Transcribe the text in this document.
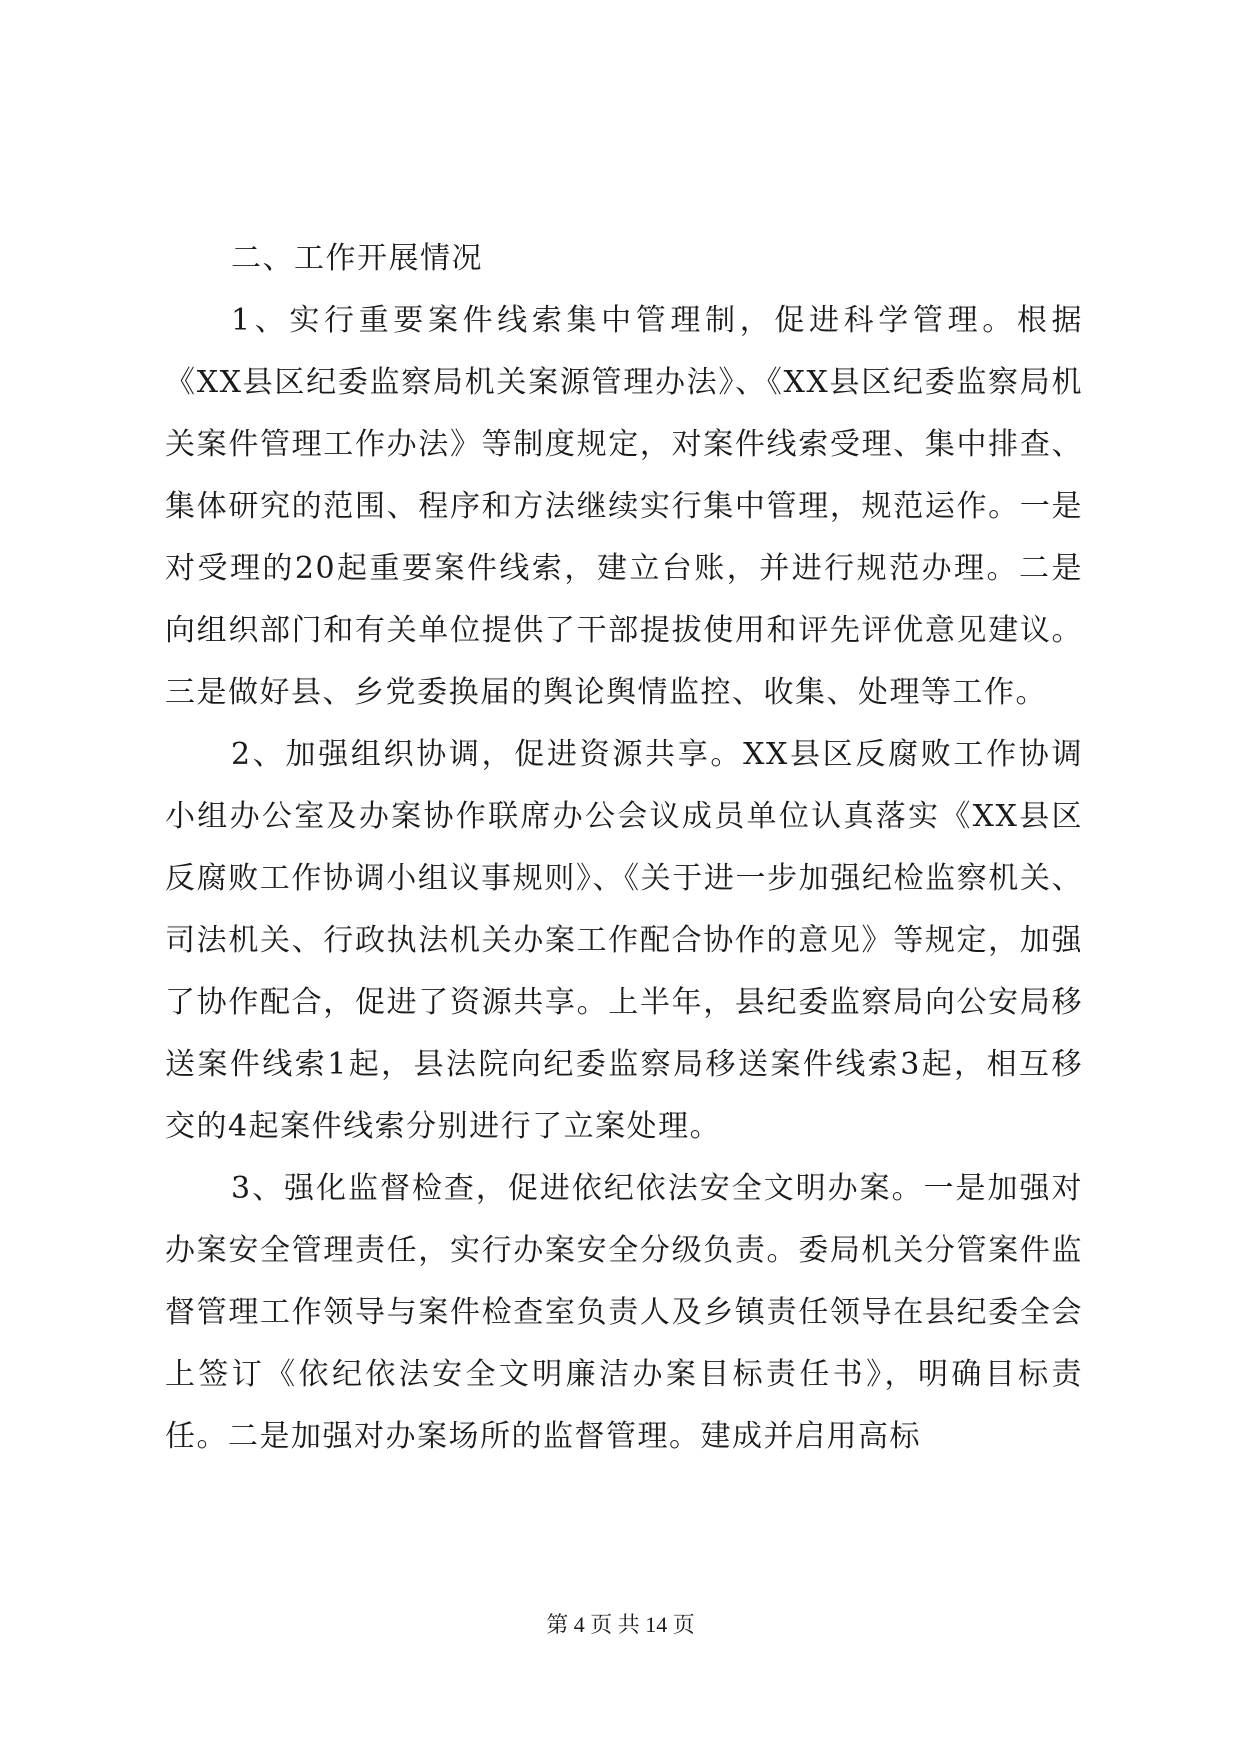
二、工作开展情况

1、实行重要案件线索集中管理制，促进科学管理。根据《XX县区纪委监察局机关案源管理办法》、《XX县区纪委监察局机关案件管理工作办法》等制度规定，对案件线索受理、集中排查、集体研究的范围、程序和方法继续实行集中管理，规范运作。一是对受理的20起重要案件线索，建立台账，并进行规范办理。二是向组织部门和有关单位提供了干部提拔使用和评先评优意见建议。三是做好县、乡党委换届的舆论舆情监控、收集、处理等工作。

2、加强组织协调，促进资源共享。XX县区反腐败工作协调小组办公室及办案协作联席办公会议成员单位认真落实《XX县区反腐败工作协调小组议事规则》、《关于进一步加强纪检监察机关、司法机关、行政执法机关办案工作配合协作的意见》等规定，加强了协作配合，促进了资源共享。上半年，县纪委监察局向公安局移送案件线索1起，县法院向纪委监察局移送案件线索3起，相互移交的4起案件线索分别进行了立案处理。

3、强化监督检查，促进依纪依法安全文明办案。一是加强对办案安全管理责任，实行办案安全分级负责。委局机关分管案件监督管理工作领导与案件检查室负责人及乡镇责任领导在县纪委全会上签订《依纪依法安全文明廉洁办案目标责任书》，明确目标责任。二是加强对办案场所的监督管理。建成并启用高标

第 4 页 共 14 页
